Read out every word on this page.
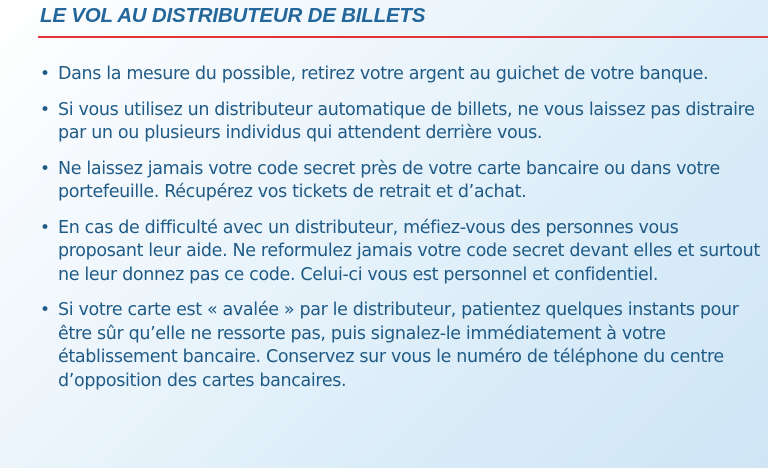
LE VOL AU DISTRIBUTEUR DE BILLETS
• Dans la mesure du possible, retirez votre argent au guichet de votre banque.
• Si vous utilisez un distributeur automatique de billets, ne vous laissez pas distraire par un ou plusieurs individus qui attendent derrière vous.
• Ne laissez jamais votre code secret près de votre carte bancaire ou dans votre portefeuille. Récupérez vos tickets de retrait et d’achat.
• En cas de difficulté avec un distributeur, méfiez-vous des personnes vous proposant leur aide. Ne reformulez jamais votre code secret devant elles et surtout ne leur donnez pas ce code. Celui-ci vous est personnel et confidentiel.
• Si votre carte est « avalée » par le distributeur, patientez quelques instants pour être sûr qu’elle ne ressorte pas, puis signalez-le immédiatement à votre établissement bancaire. Conservez sur vous le numéro de téléphone du centre d’opposition des cartes bancaires.
